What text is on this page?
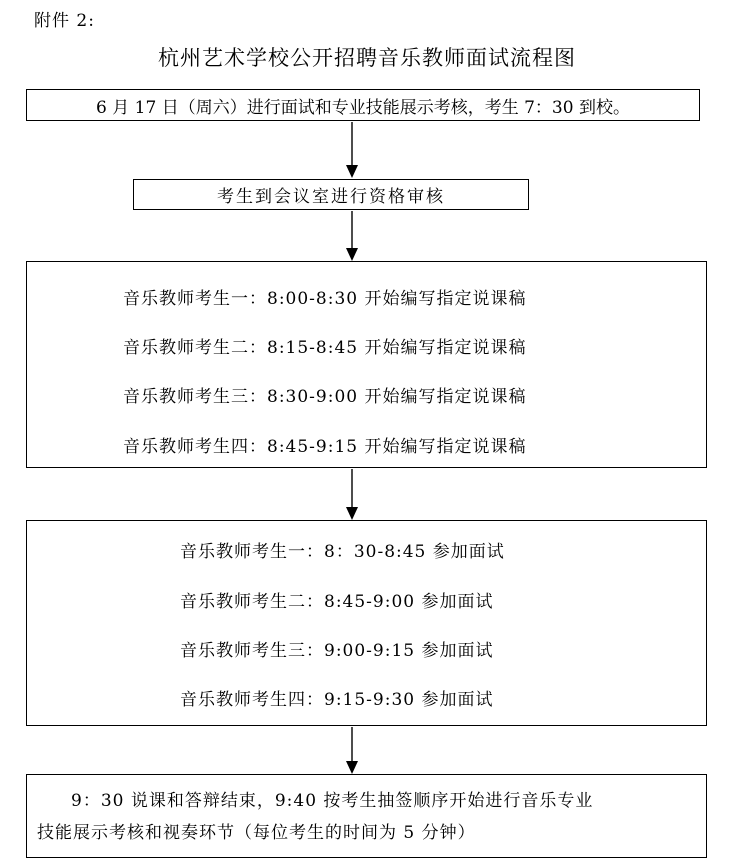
附件 2:
杭州艺术学校公开招聘音乐教师面试流程图
6 月 17 日（周六）进行面试和专业技能展示考核，考生 7：30 到校。
考生到会议室进行资格审核
音乐教师考生一：8:00-8:30 开始编写指定说课稿
音乐教师考生二：8:15-8:45 开始编写指定说课稿
音乐教师考生三：8:30-9:00 开始编写指定说课稿
音乐教师考生四：8:45-9:15 开始编写指定说课稿
音乐教师考生一：8：30-8:45 参加面试
音乐教师考生二：8:45-9:00 参加面试
音乐教师考生三：9:00-9:15 参加面试
音乐教师考生四：9:15-9:30 参加面试
9：30 说课和答辩结束，9:40 按考生抽签顺序开始进行音乐专业
技能展示考核和视奏环节（每位考生的时间为 5 分钟）
